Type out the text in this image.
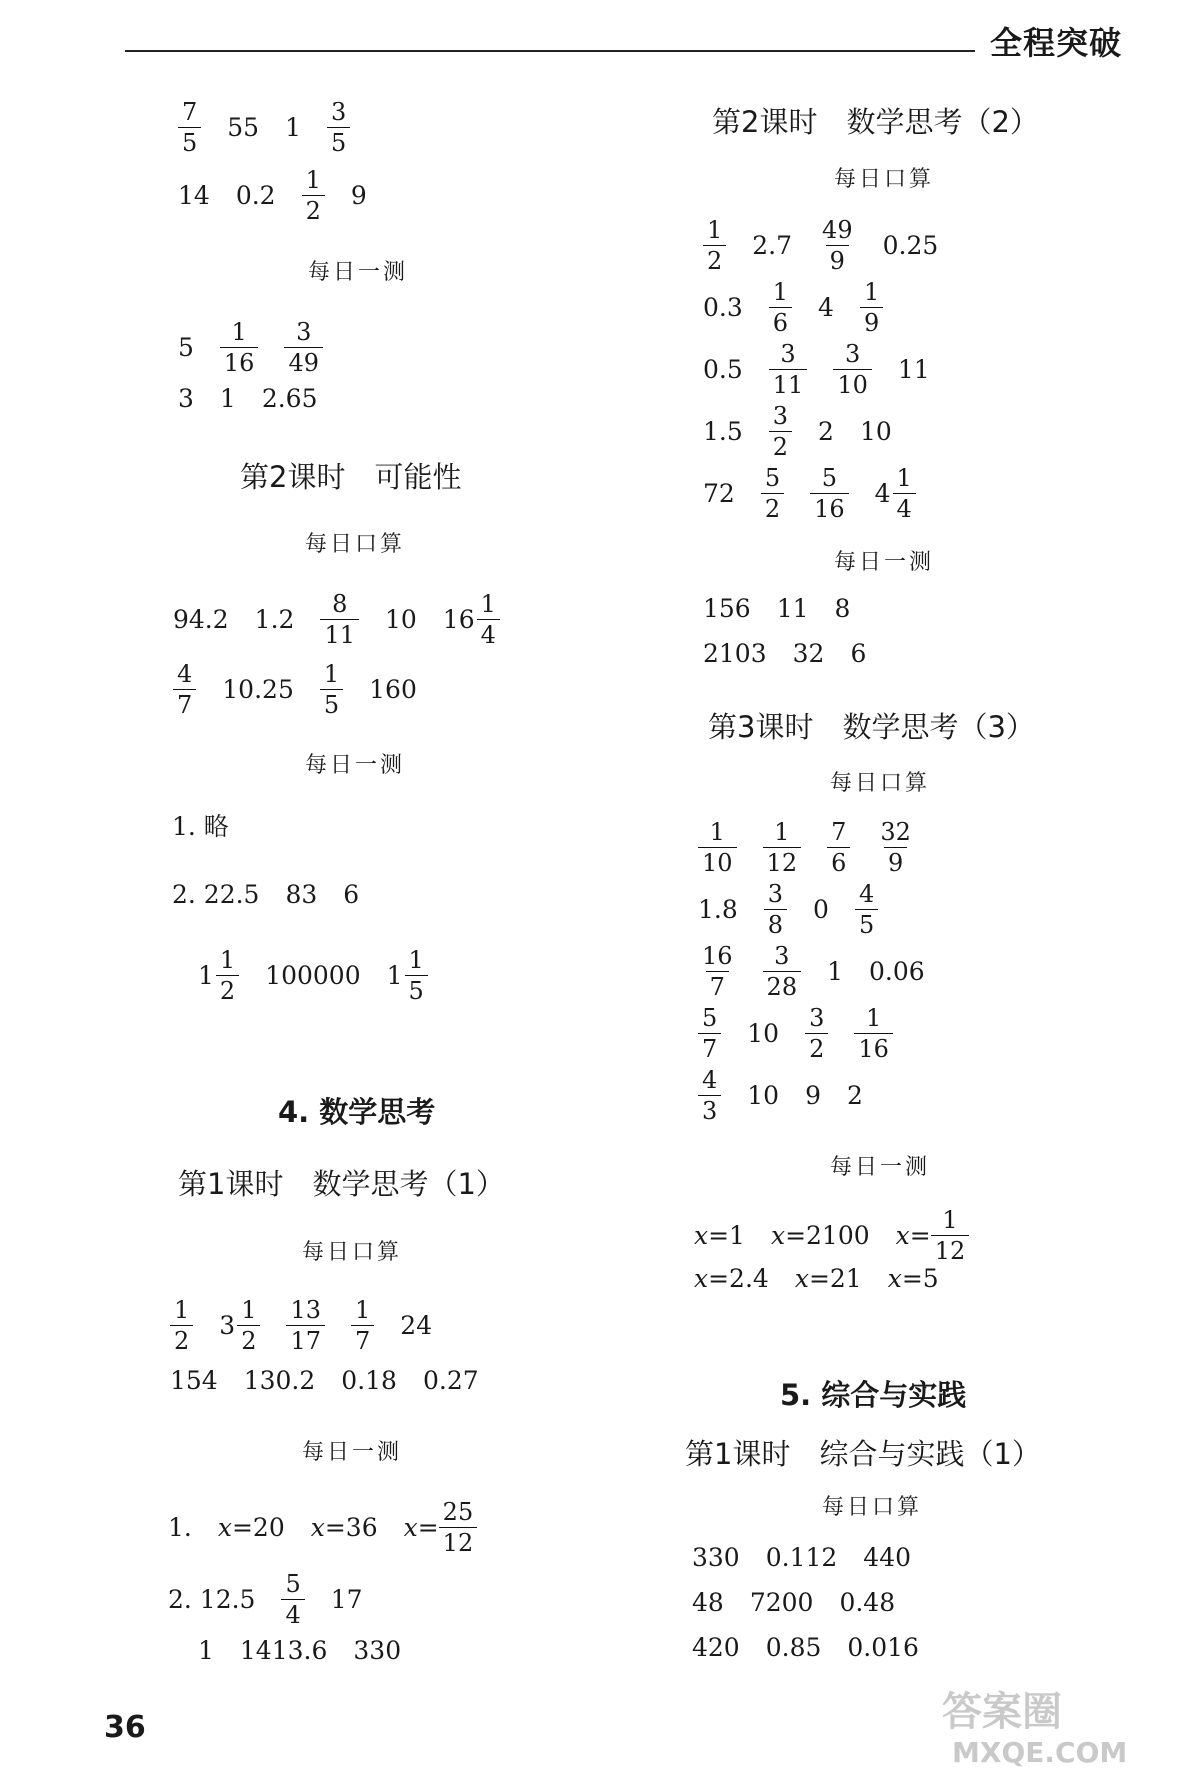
全程突破
$\frac{7}{5} 55$ $1 \frac{3}{5}$
14 $0.2 \frac{1}{2} 9$
每日一测
$5 \frac{1}{16} \frac{3}{49}$
3 1 2.65
第2课时　可能性
每日口算
94.2 $1.2 \frac{8}{11} 10$ $16 \frac{1}{4}$
$\frac{4}{7} 10.25 \frac{1}{5} 160$
每日一测
1. 略
2. 22.5 83 6
$1 \frac{1}{2} 100000$ $1 \frac{1}{5}$
4. 数学思考
第1课时　数学思考（1）
每日口算
$\frac{1}{2} 3 \frac{1}{2} \frac{13}{17} \frac{1}{7} 24$
154 130.2 0.18 0.27
每日一测
1. x =20 x =36 $x = \frac{25}{12}$
2. $12.5 \frac{5}{4} 17$
1 1413.6 330
第2课时　数学思考（2）
每日口算
每日一测
第3课时　数学思考（3）
每日口算
每日一测
5. 综合与实践
第1课时　综合与实践（1）
每日口算
36	答案圈
MXQE.COM
$\frac{1}{2} 2.7 \frac{49}{9} 0.25$
$0.3 \frac{1}{6} 4 \frac{1}{9}$
$0.5 \frac{3}{11} \frac{3}{10} 11$
$1.5 \frac{3}{2} 2$ 10
$72 \frac{5}{2} \frac{5}{16} 4 \frac{1}{4}$
156 11 8
2103 32 6
$\frac{1}{10} \frac{1}{12} \frac{7}{6} \frac{32}{9}$
$1.8 \frac{3}{8} 0 \frac{4}{5}$
$\frac{16}{7} \frac{3}{28} 1$ 0.06
$\frac{5}{7} 10 \frac{3}{2} \frac{1}{16}$
$\frac{4}{3} 10$ 9 2
x =1 x =2100 $x = \frac{1}{12}$
x =2.4 x =21 x =5
330 0.112 440
48 7200 0.48
420 0.85 0.016
